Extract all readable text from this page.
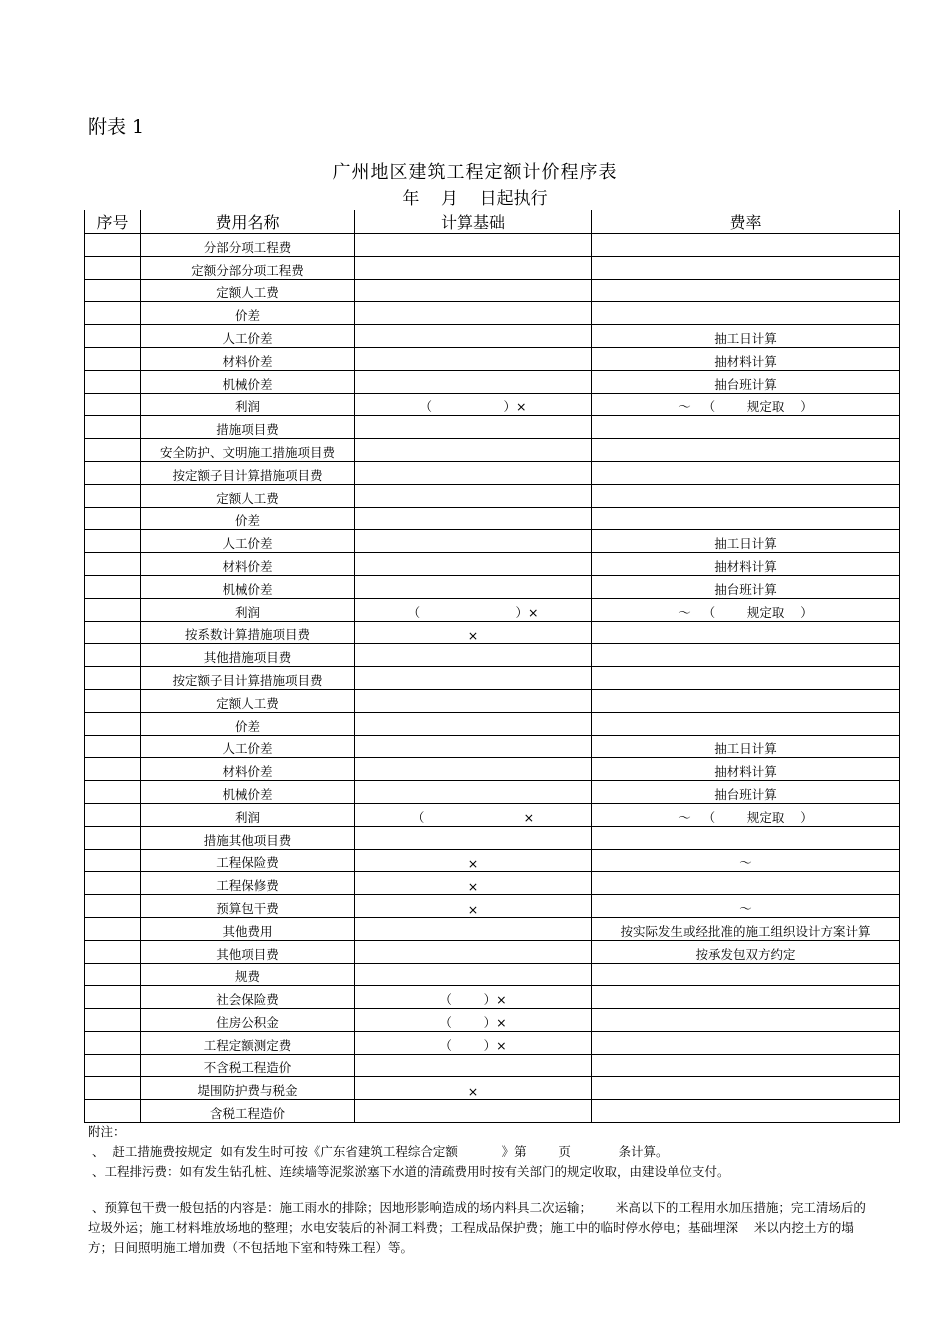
附表 1
广州地区建筑工程定额计价程序表
年    月    日起执行
序号	费用名称	计算基础	费率
	分部分项工程费		
	定额分部分项工程费		
	定额人工费		
	价差		
	人工价差		抽工日计算
	材料价差		抽材料计算
	机械价差		抽台班计算
	利润	（                  ）×	～   （        规定取    ）
	措施项目费		
	安全防护、文明施工措施项目费		
	按定额子目计算措施项目费		
	定额人工费		
	价差		
	人工价差		抽工日计算
	材料价差		抽材料计算
	机械价差		抽台班计算
	利润	（                        ）×	～   （        规定取    ）
	按系数计算措施项目费	×	
	其他措施项目费		
	按定额子目计算措施项目费		
	定额人工费		
	价差		
	人工价差		抽工日计算
	材料价差		抽材料计算
	机械价差		抽台班计算
	利润	（                         ×	～   （        规定取    ）
	措施其他项目费		
	工程保险费	×	～
	工程保修费	×	
	预算包干费	×	～
	其他费用		按实际发生或经批准的施工组织设计方案计算
	其他项目费		按承发包双方约定
	规费		
	社会保险费	（        ）×	
	住房公积金	（        ）×	
	工程定额测定费	（        ）×	
	不含税工程造价		
	堤围防护费与税金	×	
	含税工程造价		
附注：
、  赶工措施费按规定  如有发生时可按《广东省建筑工程综合定额           》第        页            条计算。
、工程排污费：如有发生钻孔桩、连续墙等泥浆淤塞下水道的清疏费用时按有关部门的规定收取，由建设单位支付。
、预算包干费一般包括的内容是：施工雨水的排除；因地形影响造成的场内料具二次运输；      米高以下的工程用水加压措施；完工清场后的垃圾外运；施工材料堆放场地的整理；水电安装后的补洞工料费；工程成品保护费；施工中的临时停水停电；基础埋深    米以内挖土方的塌方；日间照明施工增加费（不包括地下室和特殊工程）等。
